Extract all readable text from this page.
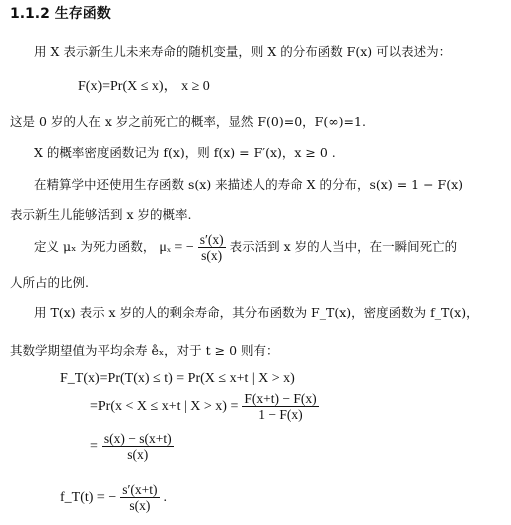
1.1.2 生存函数
用 X 表示新生儿未来寿命的随机变量，则 X 的分布函数 F(x) 可以表述为：
F(x)=Pr(X ≤ x)， x ≥ 0
这是 0 岁的人在 x 岁之前死亡的概率，显然 F(0)=0，F(∞)=1.
X 的概率密度函数记为 f(x)，则 f(x) = F′(x)，x ≥ 0 .
在精算学中还使用生存函数 s(x) 来描述人的寿命 X 的分布，s(x) = 1 − F(x)
表示新生儿能够活到 x 岁的概率.
定义 μₓ 为死力函数， μₓ = − $\frac{s'(x)}{s(x)}$ 表示活到 x 岁的人当中，在一瞬间死亡的
人所占的比例.
用 T(x) 表示 x 岁的人的剩余寿命，其分布函数为 F_T(x)，密度函数为 f_T(x)，
其数学期望值为平均余寿 e̊ₓ，对于 t ≥ 0 则有：
F_T(x)=Pr(T(x) ≤ t) = Pr(X ≤ x+t | X > x)
=Pr(x < X ≤ x+t | $X > x) = \frac{F(x+t) - F(x)}{1 - F(x)}$
= $\frac{s(x) - s(x+t)}{s(x)}$
f_T(t) = − $\frac{s'(x+t)}{s(x)}$ .
